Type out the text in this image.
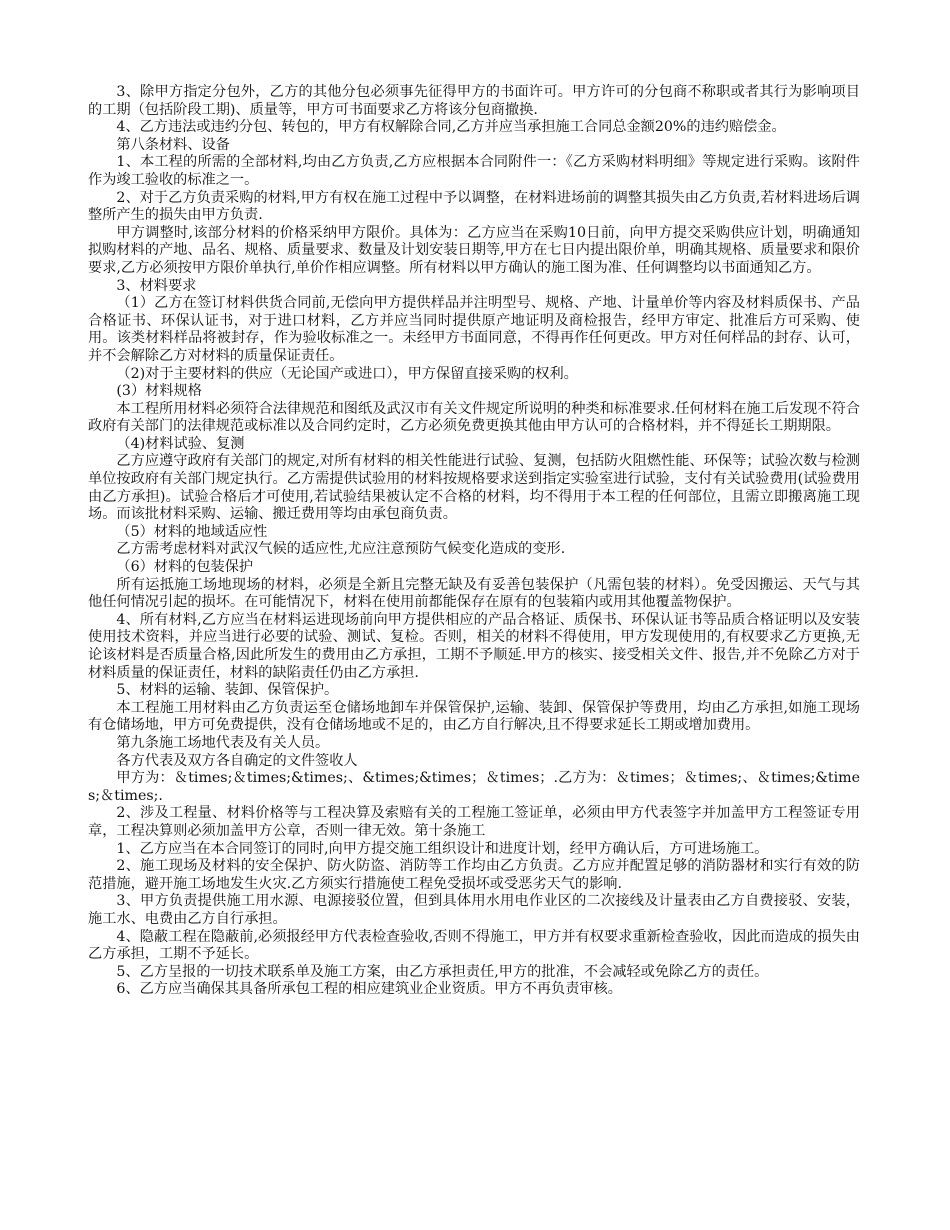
3、除甲方指定分包外，乙方的其他分包必须事先征得甲方的书面许可。甲方许可的分包商不称职或者其行为影响项目的工期（包括阶段工期)、质量等，甲方可书面要求乙方将该分包商撤换.

4、乙方违法或违约分包、转包的，甲方有权解除合同,乙方并应当承担施工合同总金额20%的违约赔偿金。

第八条材料、设备

1、本工程的所需的全部材料,均由乙方负责,乙方应根据本合同附件一：《乙方采购材料明细》等规定进行采购。该附件作为竣工验收的标准之一。

2、对于乙方负责采购的材料,甲方有权在施工过程中予以调整，在材料进场前的调整其损失由乙方负责,若材料进场后调整所产生的损失由甲方负责.

甲方调整时,该部分材料的价格采纳甲方限价。具体为：乙方应当在采购10日前，向甲方提交采购供应计划，明确通知拟购材料的产地、品名、规格、质量要求、数量及计划安装日期等,甲方在七日内提出限价单，明确其规格、质量要求和限价要求,乙方必须按甲方限价单执行,单价作相应调整。所有材料以甲方确认的施工图为准、任何调整均以书面通知乙方。

3、材料要求

（1）乙方在签订材料供货合同前,无偿向甲方提供样品并注明型号、规格、产地、计量单价等内容及材料质保书、产品合格证书、环保认证书，对于进口材料，乙方并应当同时提供原产地证明及商检报告，经甲方审定、批准后方可采购、使用。该类材料样品将被封存，作为验收标准之一。未经甲方书面同意，不得再作任何更改。甲方对任何样品的封存、认可，并不会解除乙方对材料的质量保证责任。

（2)对于主要材料的供应（无论国产或进口），甲方保留直接采购的权利。

(3）材料规格

本工程所用材料必须符合法律规范和图纸及武汉市有关文件规定所说明的种类和标准要求.任何材料在施工后发现不符合政府有关部门的法律规范或标准以及合同约定时，乙方必须免费更换其他由甲方认可的合格材料，并不得延长工期期限。

（4)材料试验、复测

乙方应遵守政府有关部门的规定,对所有材料的相关性能进行试验、复测，包括防火阻燃性能、环保等；试验次数与检测单位按政府有关部门规定执行。乙方需提供试验用的材料按规格要求送到指定实验室进行试验，支付有关试验费用(试验费用由乙方承担)。试验合格后才可使用,若试验结果被认定不合格的材料，均不得用于本工程的任何部位，且需立即搬离施工现场。而该批材料采购、运输、搬迁费用等均由承包商负责。

（5）材料的地域适应性

乙方需考虑材料对武汉气候的适应性,尤应注意预防气候变化造成的变形.

（6）材料的包装保护

所有运抵施工场地现场的材料，必须是全新且完整无缺及有妥善包装保护（凡需包装的材料）。免受因搬运、天气与其他任何情况引起的损坏。在可能情况下，材料在使用前都能保存在原有的包装箱内或用其他覆盖物保护。

4、所有材料,乙方应当在材料运进现场前向甲方提供相应的产品合格证、质保书、环保认证书等品质合格证明以及安装使用技术资料，并应当进行必要的试验、测试、复检。否则，相关的材料不得使用，甲方发现使用的,有权要求乙方更换,无论该材料是否质量合格,因此所发生的费用由乙方承担，工期不予顺延.甲方的核实、接受相关文件、报告,并不免除乙方对于材料质量的保证责任，材料的缺陷责任仍由乙方承担.

5、材料的运输、装卸、保管保护。

本工程施工用材料由乙方负责运至仓储场地卸车并保管保护,运输、装卸、保管保护等费用，均由乙方承担,如施工现场有仓储场地，甲方可免费提供，没有仓储场地或不足的，由乙方自行解决,且不得要求延长工期或增加费用。

第九条施工场地代表及有关人员。

各方代表及双方各自确定的文件签收人

甲方为：＆times;＆times;&times;、&times;&times；＆times；.乙方为：＆times；＆times;、＆times;&times;＆times;.

2、涉及工程量、材料价格等与工程决算及索赔有关的工程施工签证单，必须由甲方代表签字并加盖甲方工程签证专用章，工程决算则必须加盖甲方公章，否则一律无效。第十条施工

1、乙方应当在本合同签订的同时,向甲方提交施工组织设计和进度计划，经甲方确认后，方可进场施工。

2、施工现场及材料的安全保护、防火防盗、消防等工作均由乙方负责。乙方应并配置足够的消防器材和实行有效的防范措施，避开施工场地发生火灾.乙方须实行措施使工程免受损坏或受恶劣天气的影响.

3、甲方负责提供施工用水源、电源接驳位置，但到具体用水用电作业区的二次接线及计量表由乙方自费接驳、安装，施工水、电费由乙方自行承担。

4、隐蔽工程在隐蔽前,必须报经甲方代表检查验收,否则不得施工，甲方并有权要求重新检查验收，因此而造成的损失由乙方承担，工期不予延长。

5、乙方呈报的一切技术联系单及施工方案，由乙方承担责任,甲方的批准，不会减轻或免除乙方的责任。

6、乙方应当确保其具备所承包工程的相应建筑业企业资质。甲方不再负责审核。
